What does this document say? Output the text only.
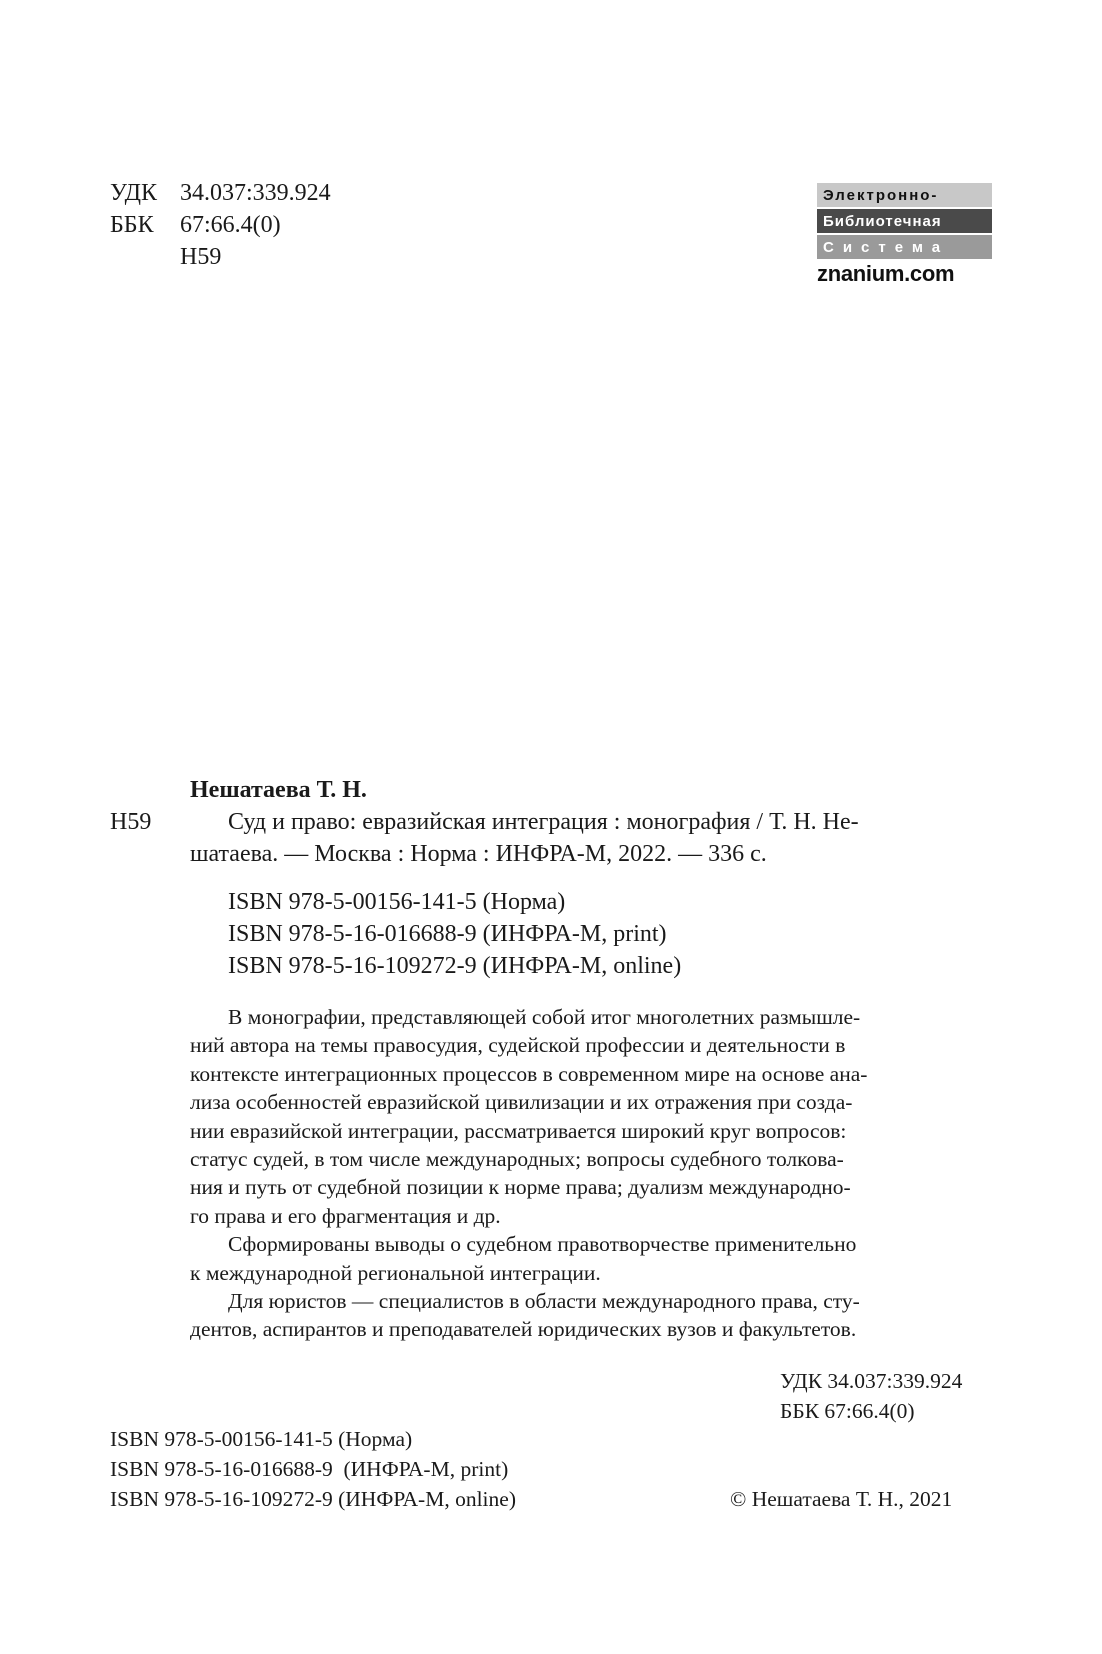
УДК 34.037:339.924
ББК	67:66.4(0)
Н59
Электронно-
Библиотечная
Система
znanium.com
Нешатаева Т. Н.
Н59	Суд и право: евразийская интеграция : монография / Т. Н. Не-
шатаева. — Москва : Норма : ИНФРА-М, 2022. — 336 с.
ISBN 978-5-00156-141-5 (Норма)
ISBN 978-5-16-016688-9 (ИНФРА-М, print)
ISBN 978-5-16-109272-9 (ИНФРА-М, online)
В монографии, представляющей собой итог многолетних размышле-
ний автора на темы правосудия, судейской профессии и деятельности в
контексте интеграционных процессов в современном мире на основе ана-
лиза особенностей евразийской цивилизации и их отражения при созда-
нии евразийской интеграции, рассматривается широкий круг вопросов:
статус судей, в том числе международных; вопросы судебного толкова-
ния и путь от судебной позиции к норме права; дуализм международно-
го права и его фрагментация и др.
Сформированы выводы о судебном правотворчестве применительно
к международной региональной интеграции.
Для юристов — специалистов в области международного права, сту-
дентов, аспирантов и преподавателей юридических вузов и факультетов.
УДК 34.037:339.924
ББК 67:66.4(0)
ISBN 978-5-00156-141-5 (Норма)
ISBN 978-5-16-016688-9  (ИНФРА-М, print)
ISBN 978-5-16-109272-9 (ИНФРА-М, online)	© Нешатаева Т. Н., 2021
